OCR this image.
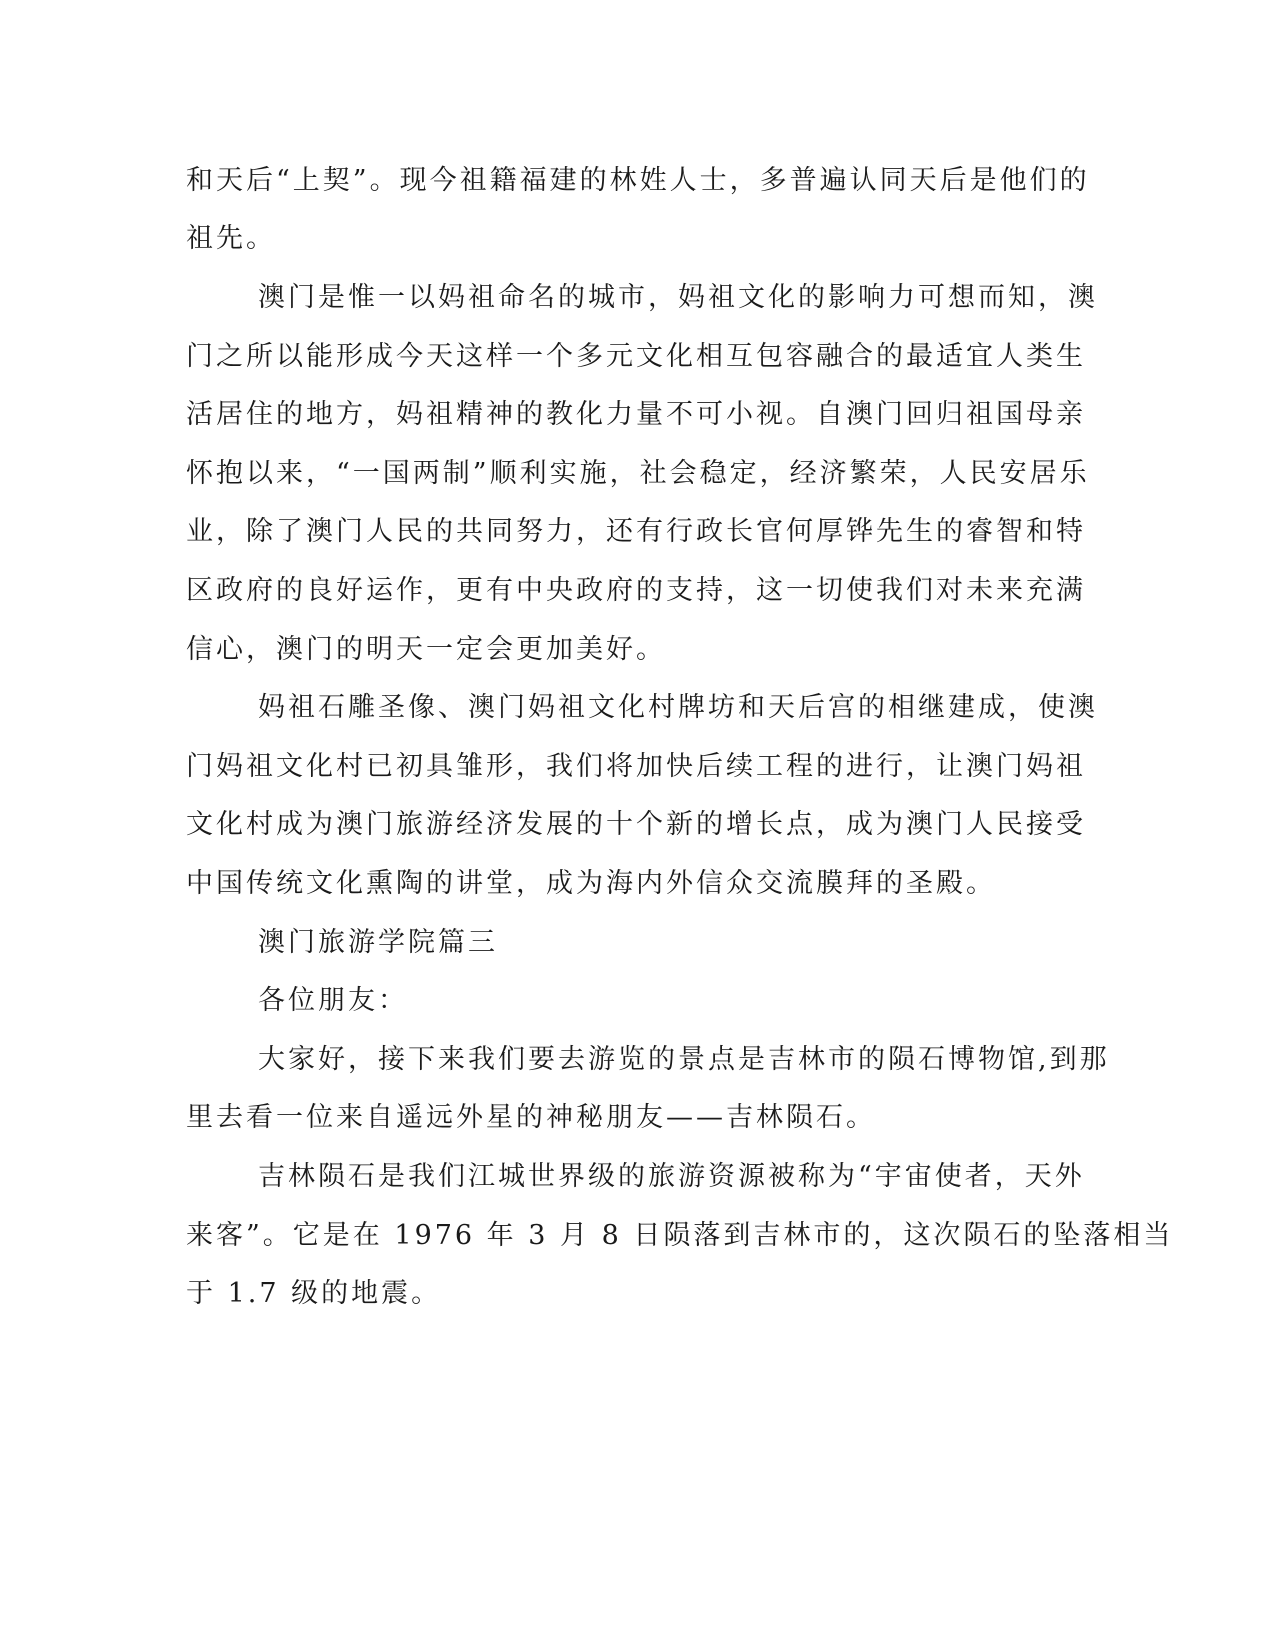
和天后“上契”。现今祖籍福建的林姓人士，多普遍认同天后是他们的
祖先。
澳门是惟一以妈祖命名的城市，妈祖文化的影响力可想而知，澳
门之所以能形成今天这样一个多元文化相互包容融合的最适宜人类生
活居住的地方，妈祖精神的教化力量不可小视。自澳门回归祖国母亲
怀抱以来，“一国两制”顺利实施，社会稳定，经济繁荣，人民安居乐
业，除了澳门人民的共同努力，还有行政长官何厚铧先生的睿智和特
区政府的良好运作，更有中央政府的支持，这一切使我们对未来充满
信心，澳门的明天一定会更加美好。
妈祖石雕圣像、澳门妈祖文化村牌坊和天后宫的相继建成，使澳
门妈祖文化村已初具雏形，我们将加快后续工程的进行，让澳门妈祖
文化村成为澳门旅游经济发展的十个新的增长点，成为澳门人民接受
中国传统文化熏陶的讲堂，成为海内外信众交流膜拜的圣殿。
澳门旅游学院篇三
各位朋友：
大家好，接下来我们要去游览的景点是吉林市的陨石博物馆,到那
里去看一位来自遥远外星的神秘朋友——吉林陨石。
吉林陨石是我们江城世界级的旅游资源被称为“宇宙使者，天外
来客”。它是在 1976 年 3 月 8 日陨落到吉林市的，这次陨石的坠落相当
于 1.7 级的地震。
